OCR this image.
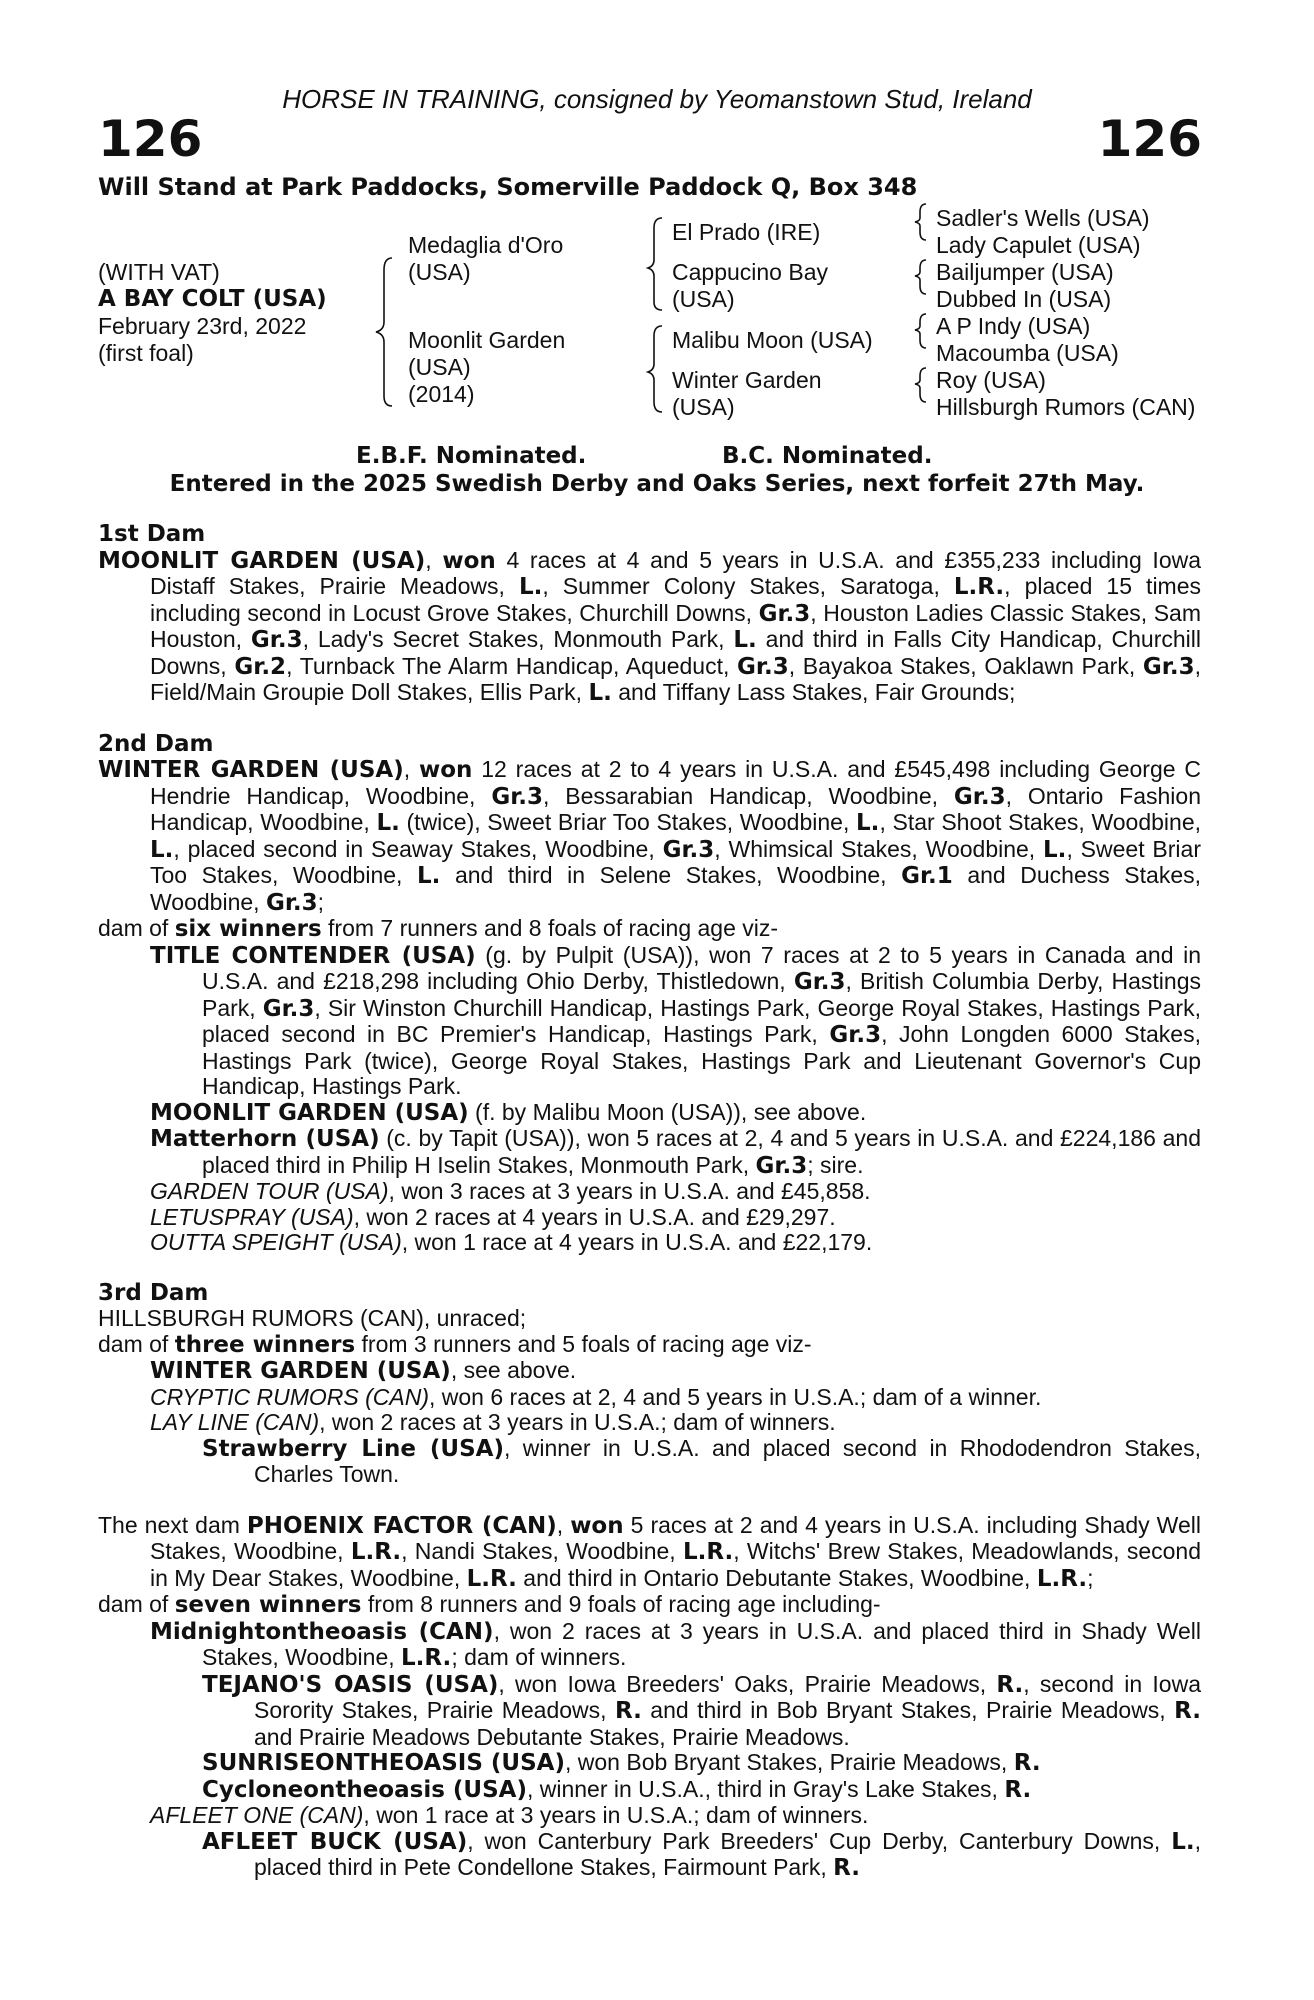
HORSE IN TRAINING, consigned by Yeomanstown Stud, Ireland
126	126
Will Stand at Park Paddocks, Somerville Paddock Q, Box 348
(WITH VAT)
A BAY COLT (USA)
February 23rd, 2022
(first foal)
Medaglia d'Oro
(USA)
Moonlit Garden
(USA)
(2014)
El Prado (IRE)
Cappucino Bay
(USA)
Malibu Moon (USA)
Winter Garden
(USA)
Sadler's Wells (USA)
Lady Capulet (USA)
Bailjumper (USA)
Dubbed In (USA)
A P Indy (USA)
Macoumba (USA)
Roy (USA)
Hillsburgh Rumors (CAN)
E.B.F. Nominated.	B.C. Nominated.
Entered in the 2025 Swedish Derby and Oaks Series, next forfeit 27th May.

1st Dam

MOONLIT GARDEN (USA), won 4 races at 4 and 5 years in U.S.A. and £355,233 including Iowa Distaff Stakes, Prairie Meadows, L., Summer Colony Stakes, Saratoga, L.R., placed 15 times including second in Locust Grove Stakes, Churchill Downs, Gr.3, Houston Ladies Classic Stakes, Sam Houston, Gr.3, Lady's Secret Stakes, Monmouth Park, L. and third in Falls City Handicap, Churchill Downs, Gr.2, Turnback The Alarm Handicap, Aqueduct, Gr.3, Bayakoa Stakes, Oaklawn Park, Gr.3, Field/Main Groupie Doll Stakes, Ellis Park, L. and Tiffany Lass Stakes, Fair Grounds;

2nd Dam

WINTER GARDEN (USA), won 12 races at 2 to 4 years in U.S.A. and £545,498 including George C Hendrie Handicap, Woodbine, Gr.3, Bessarabian Handicap, Woodbine, Gr.3, Ontario Fashion Handicap, Woodbine, L. (twice), Sweet Briar Too Stakes, Woodbine, L., Star Shoot Stakes, Woodbine, L., placed second in Seaway Stakes, Woodbine, Gr.3, Whimsical Stakes, Woodbine, L., Sweet Briar Too Stakes, Woodbine, L. and third in Selene Stakes, Woodbine, Gr.1 and Duchess Stakes, Woodbine, Gr.3;

dam of six winners from 7 runners and 8 foals of racing age viz-

TITLE CONTENDER (USA) (g. by Pulpit (USA)), won 7 races at 2 to 5 years in Canada and in U.S.A. and £218,298 including Ohio Derby, Thistledown, Gr.3, British Columbia Derby, Hastings Park, Gr.3, Sir Winston Churchill Handicap, Hastings Park, George Royal Stakes, Hastings Park, placed second in BC Premier's Handicap, Hastings Park, Gr.3, John Longden 6000 Stakes, Hastings Park (twice), George Royal Stakes, Hastings Park and Lieutenant Governor's Cup Handicap, Hastings Park.

MOONLIT GARDEN (USA) (f. by Malibu Moon (USA)), see above.

Matterhorn (USA) (c. by Tapit (USA)), won 5 races at 2, 4 and 5 years in U.S.A. and £224,186 and placed third in Philip H Iselin Stakes, Monmouth Park, Gr.3; sire.

GARDEN TOUR (USA), won 3 races at 3 years in U.S.A. and £45,858.

LETUSPRAY (USA), won 2 races at 4 years in U.S.A. and £29,297.

OUTTA SPEIGHT (USA), won 1 race at 4 years in U.S.A. and £22,179.

3rd Dam

HILLSBURGH RUMORS (CAN), unraced;

dam of three winners from 3 runners and 5 foals of racing age viz-

WINTER GARDEN (USA), see above.

CRYPTIC RUMORS (CAN), won 6 races at 2, 4 and 5 years in U.S.A.; dam of a winner.

LAY LINE (CAN), won 2 races at 3 years in U.S.A.; dam of winners.

Strawberry Line (USA), winner in U.S.A. and placed second in Rhododendron Stakes, Charles Town.

The next dam PHOENIX FACTOR (CAN), won 5 races at 2 and 4 years in U.S.A. including Shady Well Stakes, Woodbine, L.R., Nandi Stakes, Woodbine, L.R., Witchs' Brew Stakes, Meadowlands, second in My Dear Stakes, Woodbine, L.R. and third in Ontario Debutante Stakes, Woodbine, L.R.;

dam of seven winners from 8 runners and 9 foals of racing age including-

Midnightontheoasis (CAN), won 2 races at 3 years in U.S.A. and placed third in Shady Well Stakes, Woodbine, L.R.; dam of winners.

TEJANO'S OASIS (USA), won Iowa Breeders' Oaks, Prairie Meadows, R., second in Iowa Sorority Stakes, Prairie Meadows, R. and third in Bob Bryant Stakes, Prairie Meadows, R. and Prairie Meadows Debutante Stakes, Prairie Meadows.

SUNRISEONTHEOASIS (USA), won Bob Bryant Stakes, Prairie Meadows, R.

Cycloneontheoasis (USA), winner in U.S.A., third in Gray's Lake Stakes, R.

AFLEET ONE (CAN), won 1 race at 3 years in U.S.A.; dam of winners.

AFLEET BUCK (USA), won Canterbury Park Breeders' Cup Derby, Canterbury Downs, L., placed third in Pete Condellone Stakes, Fairmount Park, R.
